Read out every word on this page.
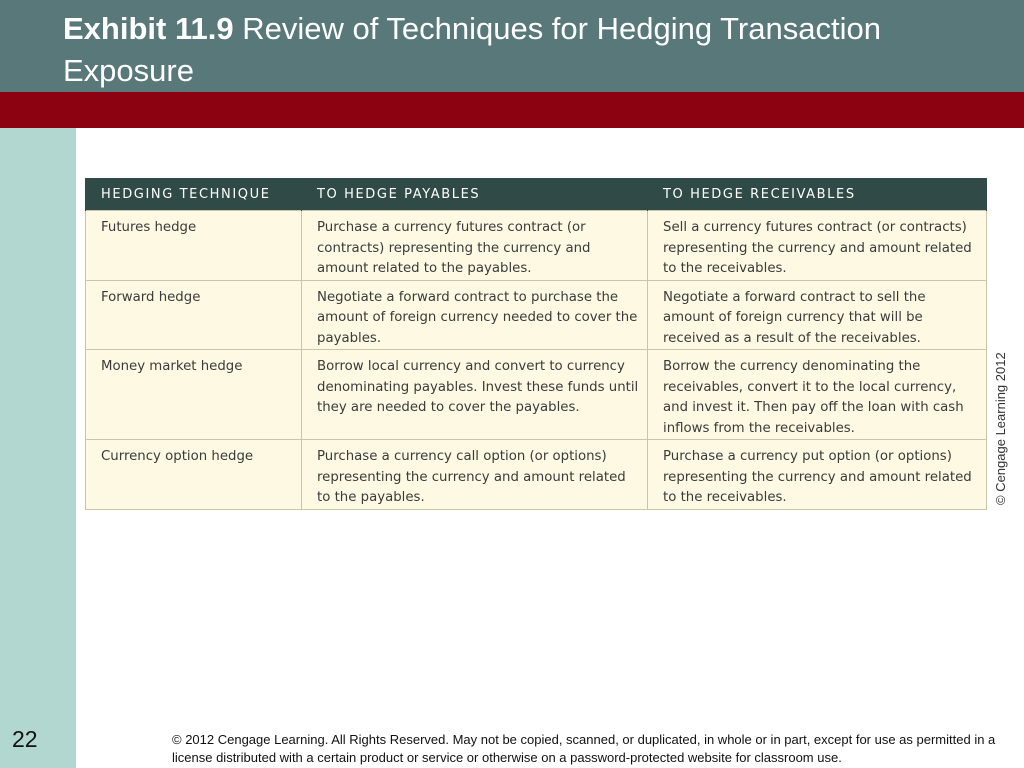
Exhibit 11.9 Review of Techniques for Hedging Transaction Exposure
HEDGING TECHNIQUE	TO HEDGE PAYABLES	TO HEDGE RECEIVABLES
Futures hedge	Purchase a currency futures contract (or contracts) representing the currency and amount related to the payables.	Sell a currency futures contract (or contracts) representing the currency and amount related to the receivables.
Forward hedge	Negotiate a forward contract to purchase the amount of foreign currency needed to cover the payables.	Negotiate a forward contract to sell the amount of foreign currency that will be received as a result of the receivables.
Money market hedge	Borrow local currency and convert to currency denominating payables. Invest these funds until they are needed to cover the payables.	Borrow the currency denominating the receivables, convert it to the local currency, and invest it. Then pay off the loan with cash inflows from the receivables.
Currency option hedge	Purchase a currency call option (or options) representing the currency and amount related to the payables.	Purchase a currency put option (or options) representing the currency and amount related to the receivables.	© Cengage Learning 2012
22	© 2012 Cengage Learning. All Rights Reserved. May not be copied, scanned, or duplicated, in whole or in part, except for use as permitted in a license distributed with a certain product or service or otherwise on a password-protected website for classroom use.
